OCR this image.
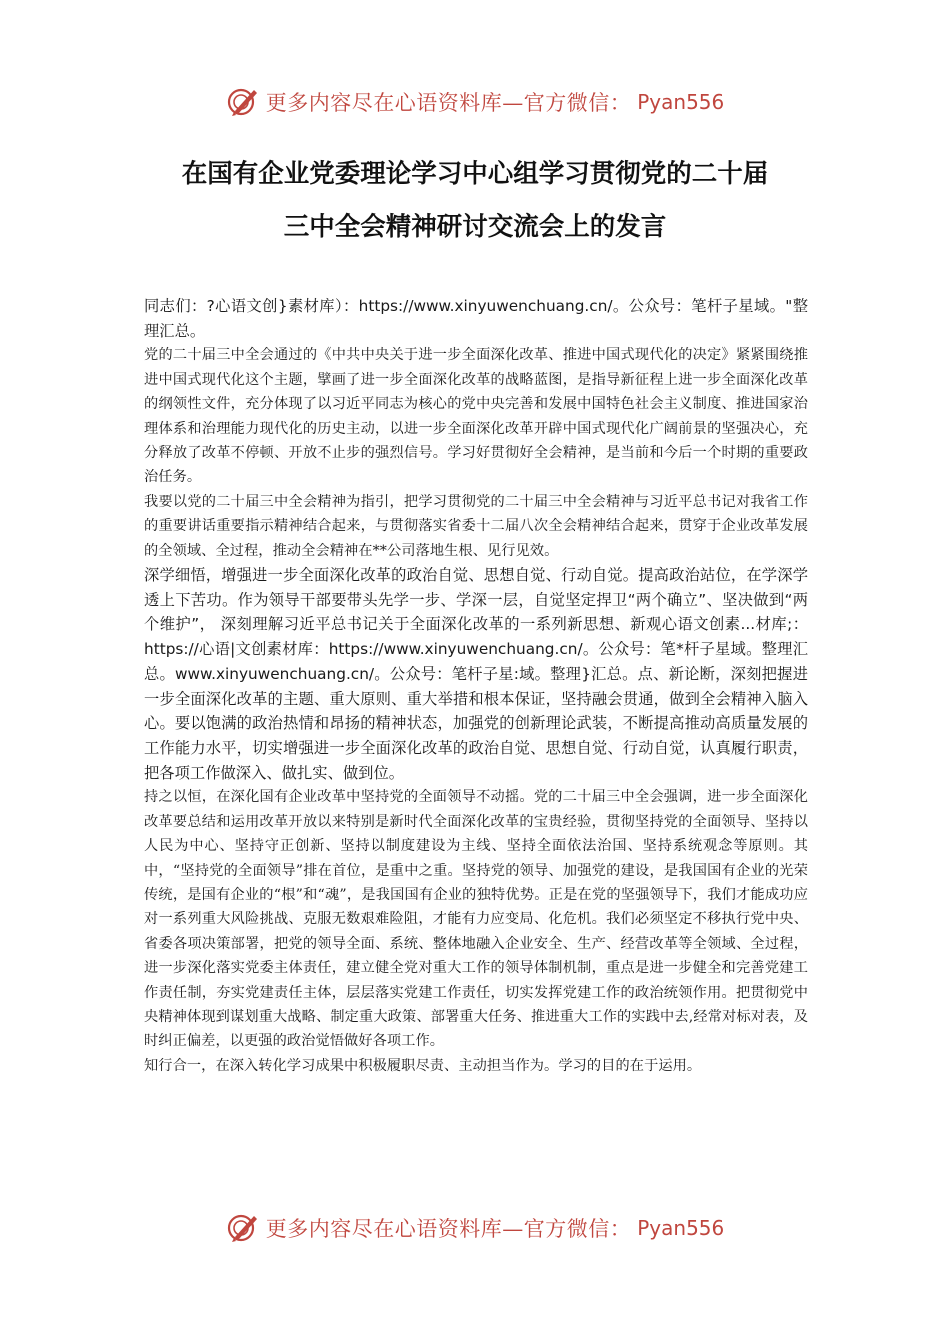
更多内容尽在心语资料库—官方微信： Pyan556
在国有企业党委理论学习中心组学习贯彻党的二十届
三中全会精神研讨交流会上的发言

同志们：?心语文创}素材库）：https://www.xinyuwenchuang.cn/。公众号：笔杆子星域。"整理汇总。

党的二十届三中全会通过的《中共中央关于进一步全面深化改革、推进中国式现代化的决定》紧紧围绕推进中国式现代化这个主题，擘画了进一步全面深化改革的战略蓝图，是指导新征程上进一步全面深化改革的纲领性文件，充分体现了以习近平同志为核心的党中央完善和发展中国特色社会主义制度、推进国家治理体系和治理能力现代化的历史主动，以进一步全面深化改革开辟中国式现代化广阔前景的坚强决心，充分释放了改革不停顿、开放不止步的强烈信号。学习好贯彻好全会精神，是当前和今后一个时期的重要政治任务。

我要以党的二十届三中全会精神为指引，把学习贯彻党的二十届三中全会精神与习近平总书记对我省工作的重要讲话重要指示精神结合起来，与贯彻落实省委十二届八次全会精神结合起来，贯穿于企业改革发展的全领域、全过程，推动全会精神在**公司落地生根、见行见效。

深学细悟，增强进一步全面深化改革的政治自觉、思想自觉、行动自觉。提高政治站位，在学深学透上下苦功。作为领导干部要带头先学一步、学深一层，自觉坚定捍卫“两个确立”、坚决做到“两个维护”， 深刻理解习近平总书记关于全面深化改革的一系列新思想、新观心语文创素...材库;：https://心语|文创素材库：https://www.xinyuwenchuang.cn/。公众号：笔*杆子星域。整理汇总。www.xinyuwenchuang.cn/。公众号：笔杆子星:域。整理}汇总。点、新论断，深刻把握进一步全面深化改革的主题、重大原则、重大举措和根本保证，坚持融会贯通，做到全会精神入脑入心。要以饱满的政治热情和昂扬的精神状态，加强党的创新理论武装，不断提高推动高质量发展的工作能力水平，切实增强进一步全面深化改革的政治自觉、思想自觉、行动自觉，认真履行职责，把各项工作做深入、做扎实、做到位。

持之以恒，在深化国有企业改革中坚持党的全面领导不动摇。党的二十届三中全会强调，进一步全面深化改革要总结和运用改革开放以来特别是新时代全面深化改革的宝贵经验，贯彻坚持党的全面领导、坚持以人民为中心、坚持守正创新、坚持以制度建设为主线、坚持全面依法治国、坚持系统观念等原则。其中，“坚持党的全面领导”排在首位，是重中之重。坚持党的领导、加强党的建设，是我国国有企业的光荣传统，是国有企业的“根”和“魂”，是我国国有企业的独特优势。正是在党的坚强领导下，我们才能成功应对一系列重大风险挑战、克服无数艰难险阻，才能有力应变局、化危机。我们必须坚定不移执行党中央、省委各项决策部署，把党的领导全面、系统、整体地融入企业安全、生产、经营改革等全领域、全过程，进一步深化落实党委主体责任，建立健全党对重大工作的领导体制机制，重点是进一步健全和完善党建工作责任制，夯实党建责任主体，层层落实党建工作责任，切实发挥党建工作的政治统领作用。把贯彻党中央精神体现到谋划重大战略、制定重大政策、部署重大任务、推进重大工作的实践中去,经常对标对表，及时纠正偏差，以更强的政治觉悟做好各项工作。

知行合一，在深入转化学习成果中积极履职尽责、主动担当作为。学习的目的在于运用。

更多内容尽在心语资料库—官方微信： Pyan556
